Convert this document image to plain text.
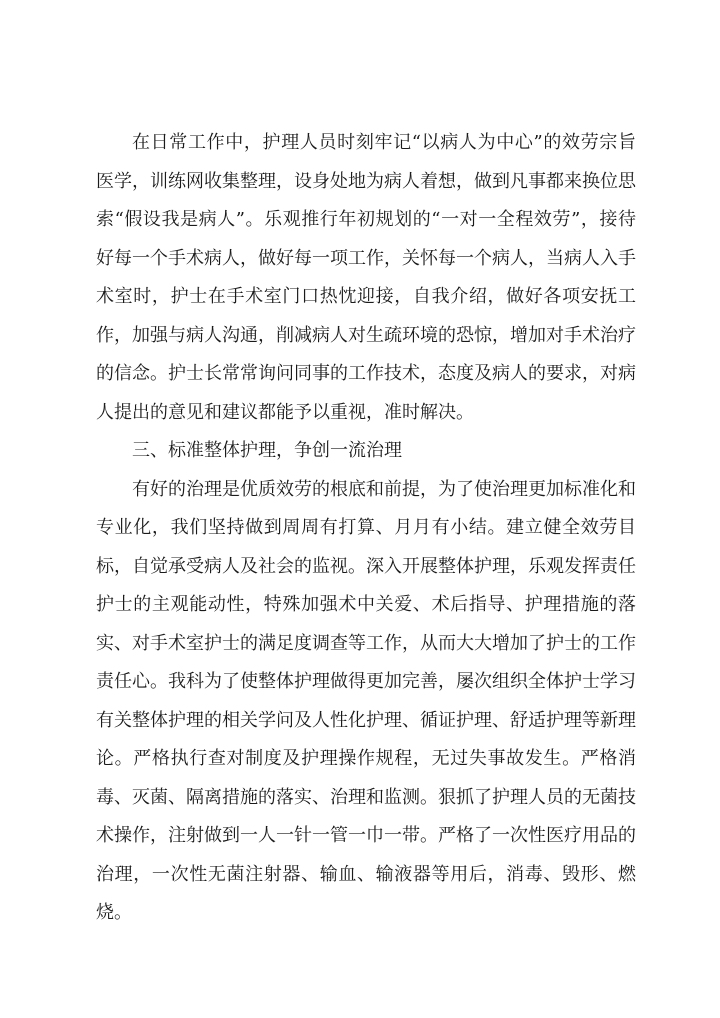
在日常工作中，护理人员时刻牢记“以病人为中心”的效劳宗旨医学，训练网收集整理，设身处地为病人着想，做到凡事都来换位思索“假设我是病人”。乐观推行年初规划的“一对一全程效劳”，接待好每一个手术病人，做好每一项工作，关怀每一个病人，当病人入手术室时，护士在手术室门口热忱迎接，自我介绍，做好各项安抚工作，加强与病人沟通，削减病人对生疏环境的恐惊，增加对手术治疗的信念。护士长常常询问同事的工作技术，态度及病人的要求，对病人提出的意见和建议都能予以重视，准时解决。

三、标准整体护理，争创一流治理

有好的治理是优质效劳的根底和前提，为了使治理更加标准化和专业化，我们坚持做到周周有打算、月月有小结。建立健全效劳目标，自觉承受病人及社会的监视。深入开展整体护理，乐观发挥责任护士的主观能动性，特殊加强术中关爱、术后指导、护理措施的落实、对手术室护士的满足度调查等工作，从而大大增加了护士的工作责任心。我科为了使整体护理做得更加完善，屡次组织全体护士学习有关整体护理的相关学问及人性化护理、循证护理、舒适护理等新理论。严格执行查对制度及护理操作规程，无过失事故发生。严格消毒、灭菌、隔离措施的落实、治理和监测。狠抓了护理人员的无菌技术操作，注射做到一人一针一管一巾一带。严格了一次性医疗用品的治理，一次性无菌注射器、输血、输液器等用后，消毒、毁形、燃烧。
